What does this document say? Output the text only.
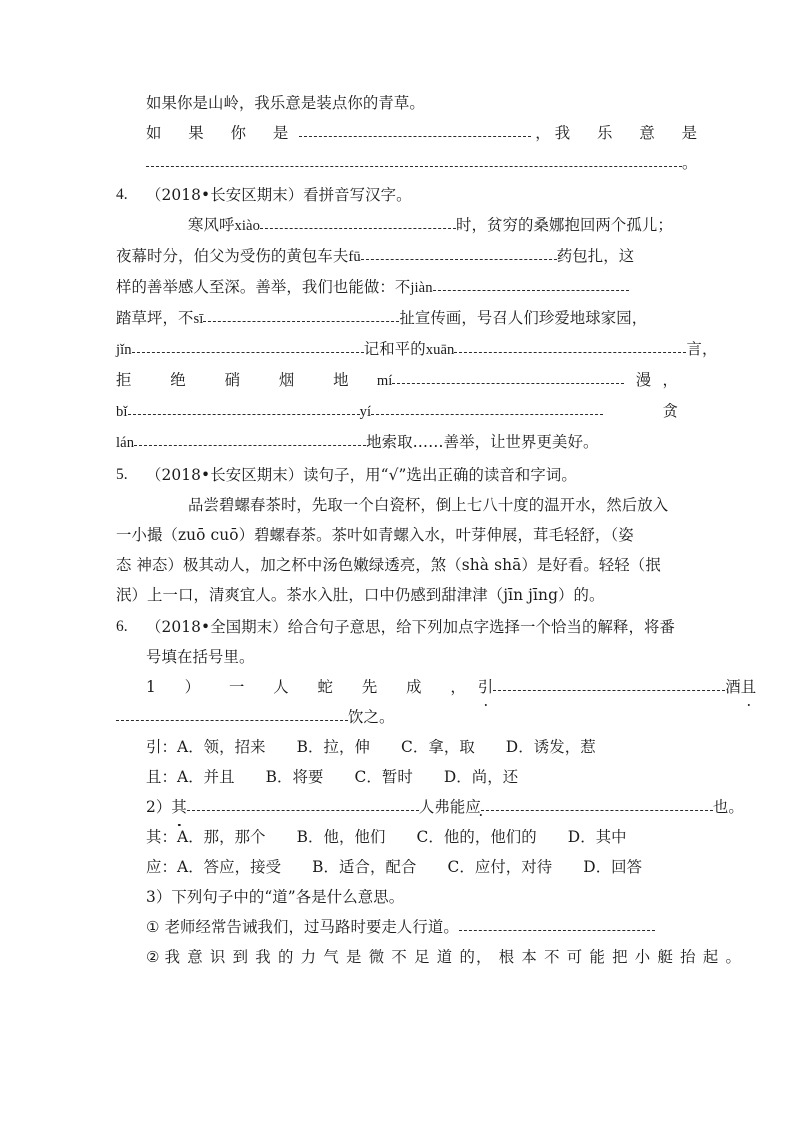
如果你是山岭，我乐意是装点你的青草。
如 果 你 是	， 我 乐 意 是
。
4.	（2018•长安区期末）看拼音写汉字。
寒风呼xiào	时，贫穷的桑娜抱回两个孤儿；
夜幕时分，伯父为受伤的黄包车夫fū	药包扎，这
样的善举感人至深。善举，我们也能做：不jiàn
踏草坪，不sī	扯宣传画，号召人们珍爱地球家园，
jǐn	记和平的xuān	言，
拒 绝 硝 烟 地 mí	漫 ，
bǐ	yí	贪
lán	地索取……善举，让世界更美好。
5.	（2018•长安区期末）读句子，用“√”选出正确的读音和字词。
品尝碧螺春茶时，先取一个白瓷杯，倒上七八十度的温开水，然后放入
一小撮（zuō cuō）碧螺春茶。茶叶如青螺入水，叶芽伸展，茸毛轻舒，（姿
态 神态）极其动人，加之杯中汤色嫩绿透亮，煞（shà shā）是好看。轻轻（抿
泯）上一口，清爽宜人。茶水入肚，口中仍感到甜津津（jīn jīng）的。
6.	（2018•全国期末）给合句子意思，给下列加点字选择一个恰当的解释，将番
号填在括号里。
1 ） 一 人 蛇 先 成 ， 引	酒 且
饮之。
引：A．领，招来　　B．拉，伸　　C．拿，取　　D．诱发，惹
且：A．并且　　B．将要　　C．暂时　　D．尚，还
2）其	人弗能应	也。
其：A．那，那个　　B．他，他们　　C．他的，他们的　　D．其中
应：A．答应，接受　　B．适合，配合　　C．应付，对待　　D．回答
3）下列句子中的“道”各是什么意思。
① 老师经常告诫我们，过马路时要走人行道。
② 我 意 识 到 我 的 力 气 是 微 不 足 道 的， 根 本 不 可 能 把 小 艇 抬 起 。
